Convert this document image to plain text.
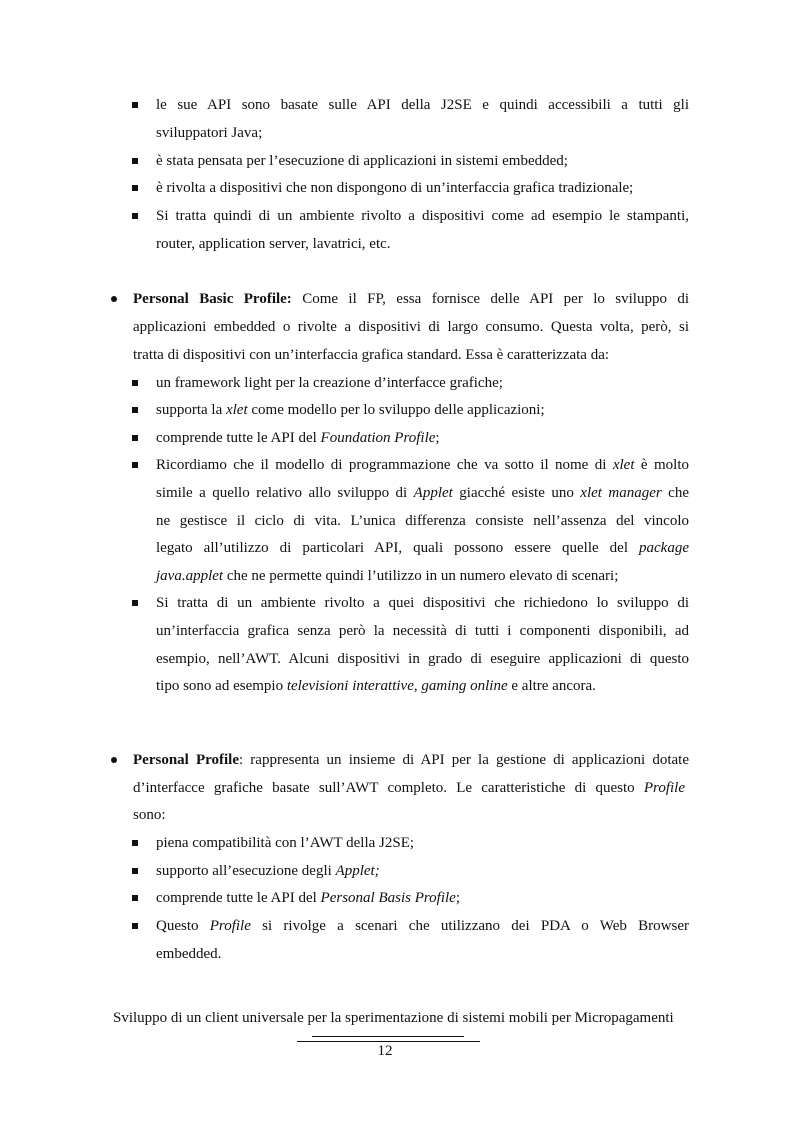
le sue API sono basate sulle API della J2SE e quindi accessibili a tutti gli
sviluppatori Java;
è stata pensata per l’esecuzione di applicazioni in sistemi embedded;
è rivolta a dispositivi che non dispongono di un’interfaccia grafica tradizionale;
Si tratta quindi di un ambiente rivolto a dispositivi come ad esempio le stampanti,
router, application server, lavatrici, etc.
Personal Basic Profile: Come il FP, essa fornisce delle API per lo sviluppo di
applicazioni embedded o rivolte a dispositivi di largo consumo. Questa volta, però, si
tratta di dispositivi con un’interfaccia grafica standard. Essa è caratterizzata da:
un framework light per la creazione d’interfacce grafiche;
supporta la xlet come modello per lo sviluppo delle applicazioni;
comprende tutte le API del Foundation Profile;
Ricordiamo che il modello di programmazione che va sotto il nome di xlet è molto
simile a quello relativo allo sviluppo di Applet giacché esiste uno xlet manager che
ne gestisce il ciclo di vita. L’unica differenza consiste nell’assenza del vincolo
legato all’utilizzo di particolari API, quali possono essere quelle del package
java.applet che ne permette quindi l’utilizzo in un numero elevato di scenari;
Si tratta di un ambiente rivolto a quei dispositivi che richiedono lo sviluppo di
un’interfaccia grafica senza però la necessità di tutti i componenti disponibili, ad
esempio, nell’AWT. Alcuni dispositivi in grado di eseguire applicazioni di questo
tipo sono ad esempio televisioni interattive, gaming online e altre ancora.
Personal Profile: rappresenta un insieme di API per la gestione di applicazioni dotate
d’interfacce grafiche basate sull’AWT completo. Le caratteristiche di questo Profile
sono:
piena compatibilità con l’AWT della J2SE;
supporto all’esecuzione degli Applet;
comprende tutte le API del Personal Basis Profile;
Questo Profile si rivolge a scenari che utilizzano dei PDA o Web Browser
embedded.
Sviluppo di un client universale per la sperimentazione di sistemi mobili per Micropagamenti
12
